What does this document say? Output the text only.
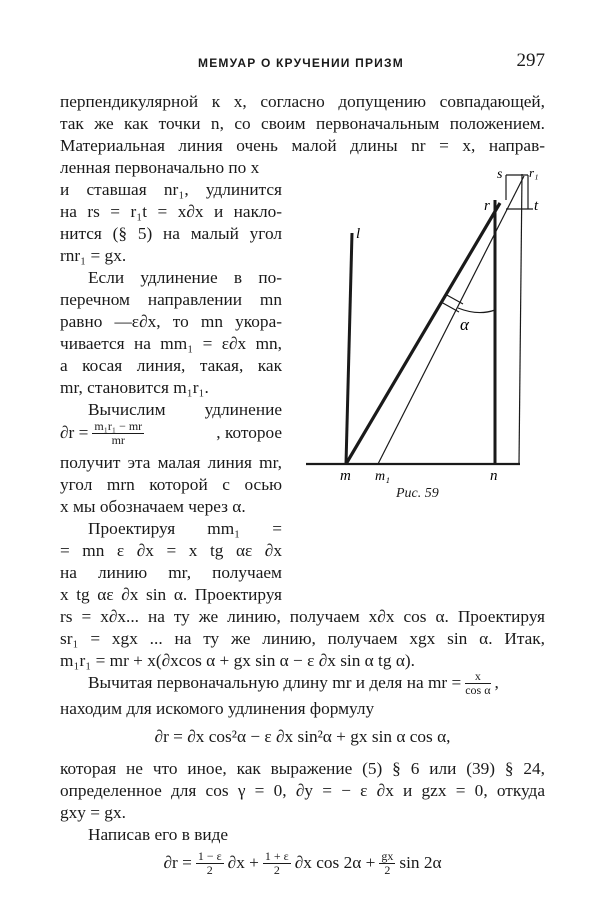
МЕМУАР О КРУЧЕНИИ ПРИЗМ	297
перпендикулярной к x, согласно допущению совпадающей,
так же как точки n, со своим первоначальным положением.
Материальная линия очень малой длины nr = x, направ-
ленная первоначально по x
и ставшая nr₁, удлинится
на rs = r₁t = x∂x и накло-
нится (§ 5) на малый угол
rnr₁ = gx.
Если удлинение в по-
перечном направлении mn
равно —ε∂x, то mn укора-
чивается на mm₁ = ε∂x mn,
а косая линия, такая, как
mr, становится m₁r₁.
Вычислим удлинение
$\partial r = \frac{\text{m₁r₁ − mr}}{mr}$	, которое
получит эта малая линия mr,
угол mrn которой с осью
x мы обозначаем через α.
Проектируя mm₁ =
= mn ε ∂x = x tg αε ∂x
на линию mr, получаем
x tg αε ∂x sin α. Проектируя
rs = x∂x... на ту же линию, получаем x∂x cos α. Проектируя
sr₁ = xgx ... на ту же линию, получаем xgx sin α. Итак,
m₁r₁ = mr + x(∂xcos α + gx sin α − ε ∂x sin α tg α).
Вычитая первоначальную длину mr и деля на mr = $\frac{x}{\text{cos α}}$ ,
находим для искомого удлинения формулу
∂r = ∂x cos²α − ε ∂x sin²α + gx sin α cos α,
которая не что иное, как выражение (5) § 6 или (39) § 24,
определенное для cos γ = 0, ∂y = − ε ∂x и gzx = 0, откуда
gxy = gx.
Написав его в виде
$\partial r = \frac{1 - \varepsilon}{2} \partial x + \frac{1 + \varepsilon}{2} \partial x$ $\cos 2\alpha + \frac{gx}{2}$ sin 2α
l
s r₁
r	t
α
m m₁	n
Рис. 59
